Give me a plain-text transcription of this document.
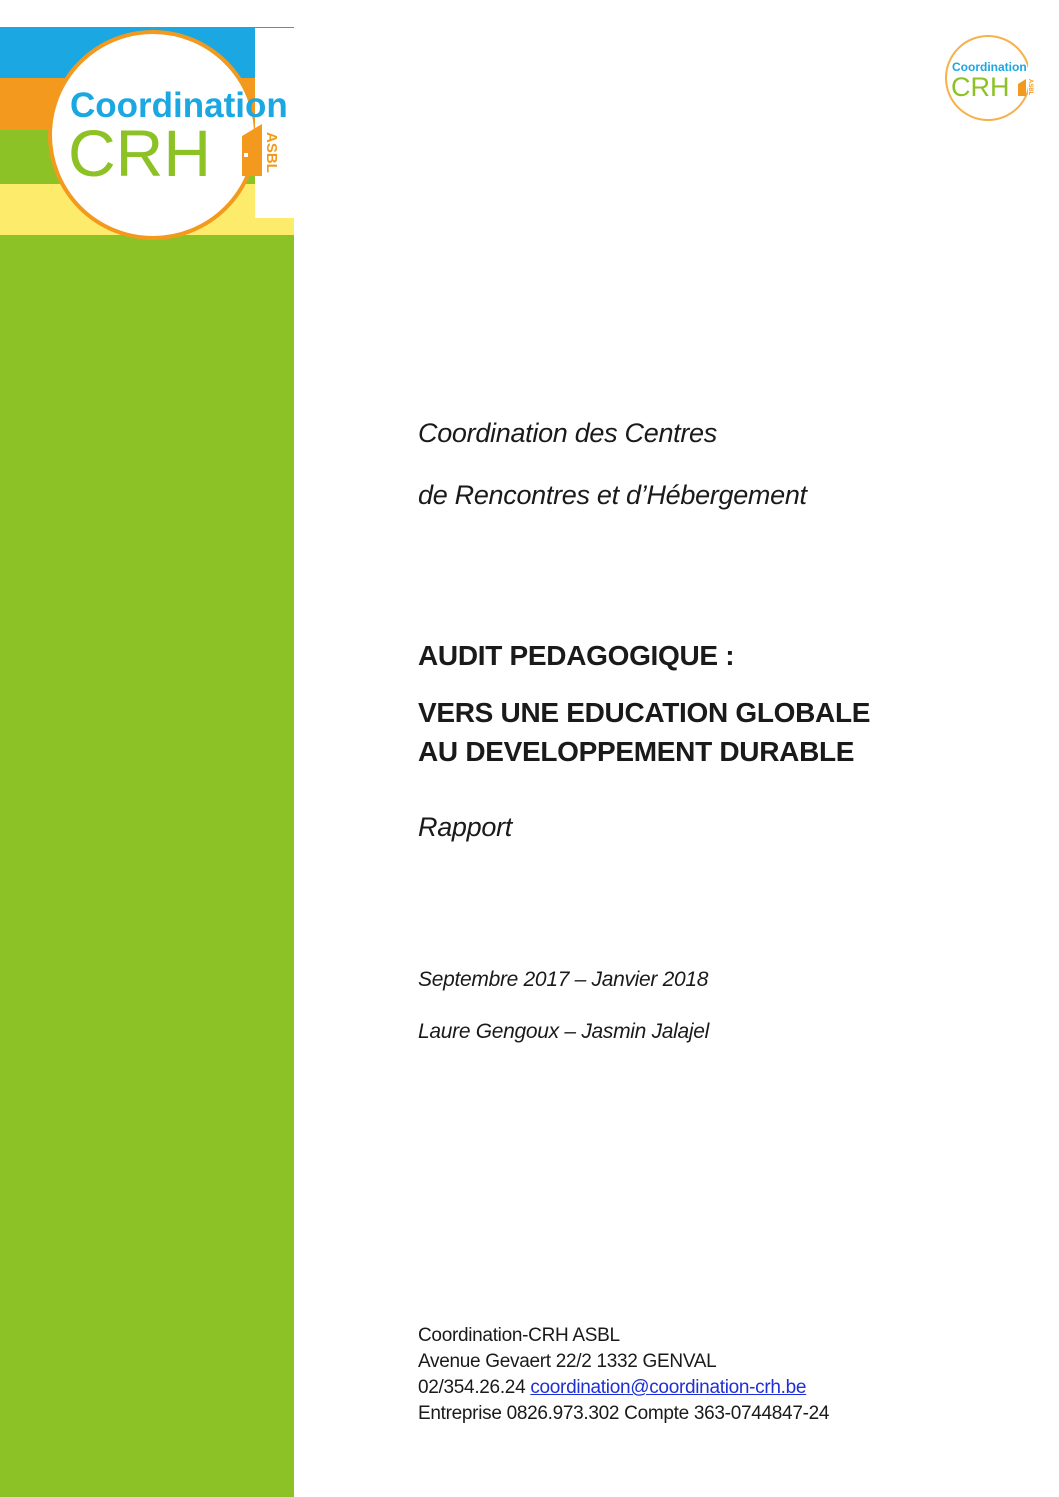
Coordination
CRH	ASBL
Coordination
CRH	ASBL

Coordination des Centres

de Rencontres et d’Hébergement

AUDIT PEDAGOGIQUE :

VERS UNE EDUCATION GLOBALE

AU DEVELOPPEMENT DURABLE

Rapport

Septembre 2017 – Janvier 2018

Laure Gengoux – Jasmin Jalajel

Coordination-CRH ASBL
Avenue Gevaert 22/2 1332 GENVAL
02/354.26.24 coordination@coordination-crh.be
Entreprise 0826.973.302 Compte 363-0744847-24
